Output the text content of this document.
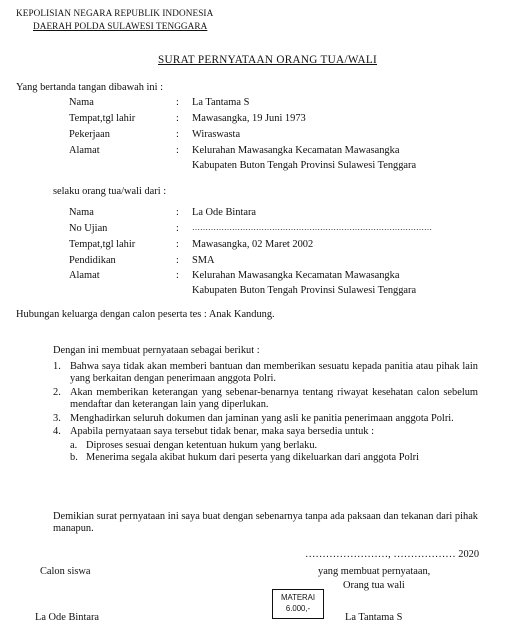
KEPOLISIAN NEGARA REPUBLIK INDONESIA
DAERAH POLDA SULAWESI TENGGARA
SURAT PERNYATAAN ORANG TUA/WALI
Yang bertanda tangan dibawah ini :
Nama	: La Tantama S
Tempat,tgl lahir	: Mawasangka, 19 Juni 1973
Pekerjaan	: Wiraswasta
Alamat	: Kelurahan Mawasangka Kecamatan Mawasangka
Kabupaten Buton Tengah Provinsi Sulawesi Tenggara
selaku orang tua/wali dari :
Nama	: La Ode Bintara
No Ujian	: ………………………………………………………………………………
Tempat,tgl lahir	: Mawasangka, 02 Maret 2002
Pendidikan	: SMA
Alamat	: Kelurahan Mawasangka Kecamatan Mawasangka
Kabupaten Buton Tengah Provinsi Sulawesi Tenggara
Hubungan keluarga dengan calon peserta tes : Anak Kandung.
Dengan ini membuat pernyataan sebagai berikut :
1. Bahwa saya tidak akan memberi bantuan dan memberikan sesuatu kepada panitia atau pihak lain yang berkaitan dengan penerimaan anggota Polri.
2. Akan memberikan keterangan yang sebenar-benarnya tentang riwayat kesehatan calon sebelum mendaftar dan keterangan lain yang diperlukan.
3. Menghadirkan seluruh dokumen dan jaminan yang asli ke panitia penerimaan anggota Polri.
4. Apabila pernyataan saya tersebut tidak benar, maka saya bersedia untuk :
a. Diproses sesuai dengan ketentuan hukum yang berlaku.
b. Menerima segala akibat hukum dari peserta yang dikeluarkan dari anggota Polri
Demikian surat pernyataan ini saya buat dengan sebenarnya tanpa ada paksaan dan tekanan dari pihak manapun.
……………………, ……………… 2020
Calon siswa	yang membuat pernyataan,
Orang tua wali
MATERAI
6.000,-
La Ode Bintara	La Tantama S
